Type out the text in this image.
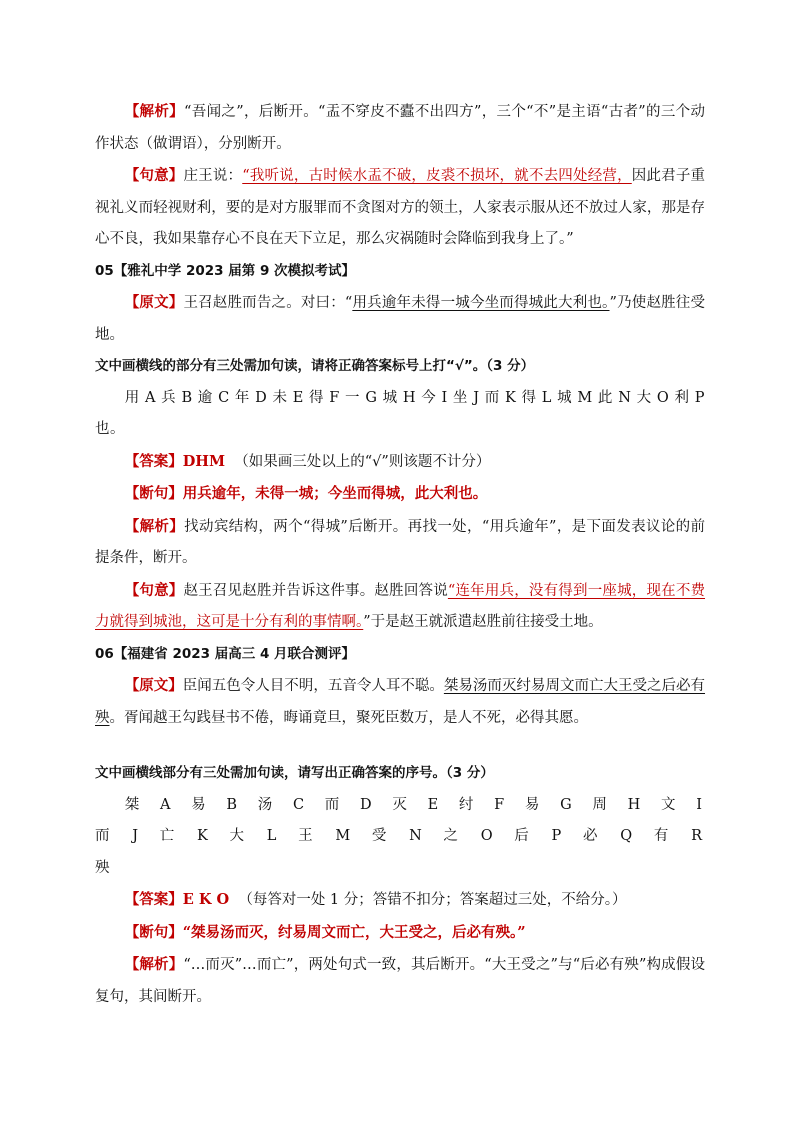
【解析】“吾闻之”，后断开。“盂不穿皮不蠹不出四方”，三个“不”是主语“古者”的三个动作状态（做谓语），分别断开。

【句意】庄王说：“我听说，古时候水盂不破，皮裘不损坏，就不去四处经营，因此君子重视礼义而轻视财利，要的是对方服罪而不贪图对方的领土，人家表示服从还不放过人家，那是存心不良，我如果靠存心不良在天下立足，那么灾祸随时会降临到我身上了。”

05【雅礼中学 2023 届第 9 次模拟考试】

【原文】王召赵胜而告之。对曰：“用兵逾年未得一城今坐而得城此大利也。”乃使赵胜往受地。

文中画横线的部分有三处需加句读，请将正确答案标号上打“√”。（3 分）

用 A 兵 B 逾 C 年 D 未 E 得 F 一 G 城 H 今 I 坐 J 而 K 得 L 城 M 此 N 大 O 利 P 也。

【答案】DHM （如果画三处以上的“√”则该题不计分）

【断句】用兵逾年，未得一城；今坐而得城，此大利也。

【解析】找动宾结构，两个“得城”后断开。再找一处，“用兵逾年”，是下面发表议论的前提条件，断开。

【句意】赵王召见赵胜并告诉这件事。赵胜回答说“连年用兵，没有得到一座城，现在不费力就得到城池，这可是十分有利的事情啊。”于是赵王就派遣赵胜前往接受土地。

06【福建省 2023 届高三 4 月联合测评】

【原文】臣闻五色令人目不明，五音令人耳不聪。桀易汤而灭纣易周文而亡大王受之后必有殃。胥闻越王勾践昼书不倦，晦诵竟旦，聚死臣数万，是人不死，必得其愿。

文中画横线部分有三处需加句读，请写出正确答案的序号。（3 分）

桀 A 易 B 汤 C 而 D 灭 E 纣 F 易 G 周 H 文 I 而 J 亡 K 大 L 王 M 受 N 之 O 后 P 必 Q 有 R 殃

【答案】E K O （每答对一处 1 分；答错不扣分；答案超过三处，不给分。）

【断句】“桀易汤而灭，纣易周文而亡，大王受之，后必有殃。”

【解析】“…而灭”…而亡”，两处句式一致，其后断开。“大王受之”与“后必有殃”构成假设复句，其间断开。
